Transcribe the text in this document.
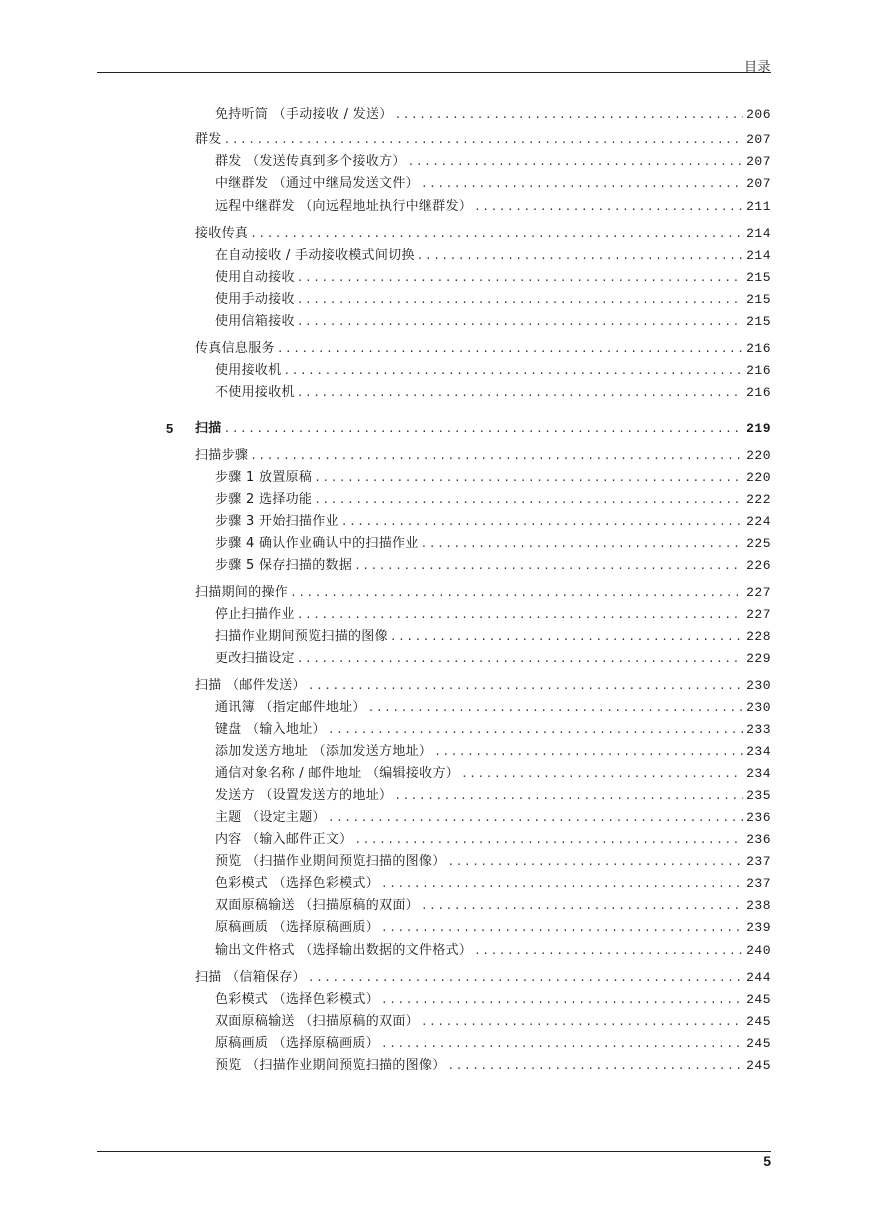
目录
免持听筒 （手动接收 / 发送） .....	206
群发 .....	207
群发 （发送传真到多个接收方） .....	207
中继群发 （通过中继局发送文件） .....	207
远程中继群发 （向远程地址执行中继群发） .....	211
接收传真 .....	214
在自动接收 / 手动接收模式间切换 .....	214
使用自动接收 .....	215
使用手动接收 .....	215
使用信箱接收 .....	215
传真信息服务 .....	216
使用接收机 .....	216
不使用接收机 .....	216
5 扫描 .....	219
扫描步骤 .....	220
步骤 1 放置原稿 .....	220
步骤 2 选择功能 .....	222
步骤 3 开始扫描作业 .....	224
步骤 4 确认作业确认中的扫描作业 .....	225
步骤 5 保存扫描的数据 .....	226
扫描期间的操作 .....	227
停止扫描作业 .....	227
扫描作业期间预览扫描的图像 .....	228
更改扫描设定 .....	229
扫描 （邮件发送） .....	230
通讯簿 （指定邮件地址） .....	230
键盘 （输入地址） .....	233
添加发送方地址 （添加发送方地址） .....	234
通信对象名称 / 邮件地址 （编辑接收方） .....	234
发送方 （设置发送方的地址） .....	235
主题 （设定主题） .....	236
内容 （输入邮件正文） .....	236
预览 （扫描作业期间预览扫描的图像） .....	237
色彩模式 （选择色彩模式） .....	237
双面原稿输送 （扫描原稿的双面） .....	238
原稿画质 （选择原稿画质） .....	239
输出文件格式 （选择输出数据的文件格式） .....	240
扫描 （信箱保存） .....	244
色彩模式 （选择色彩模式） .....	245
双面原稿输送 （扫描原稿的双面） .....	245
原稿画质 （选择原稿画质） .....	245
预览 （扫描作业期间预览扫描的图像） .....	245
5
